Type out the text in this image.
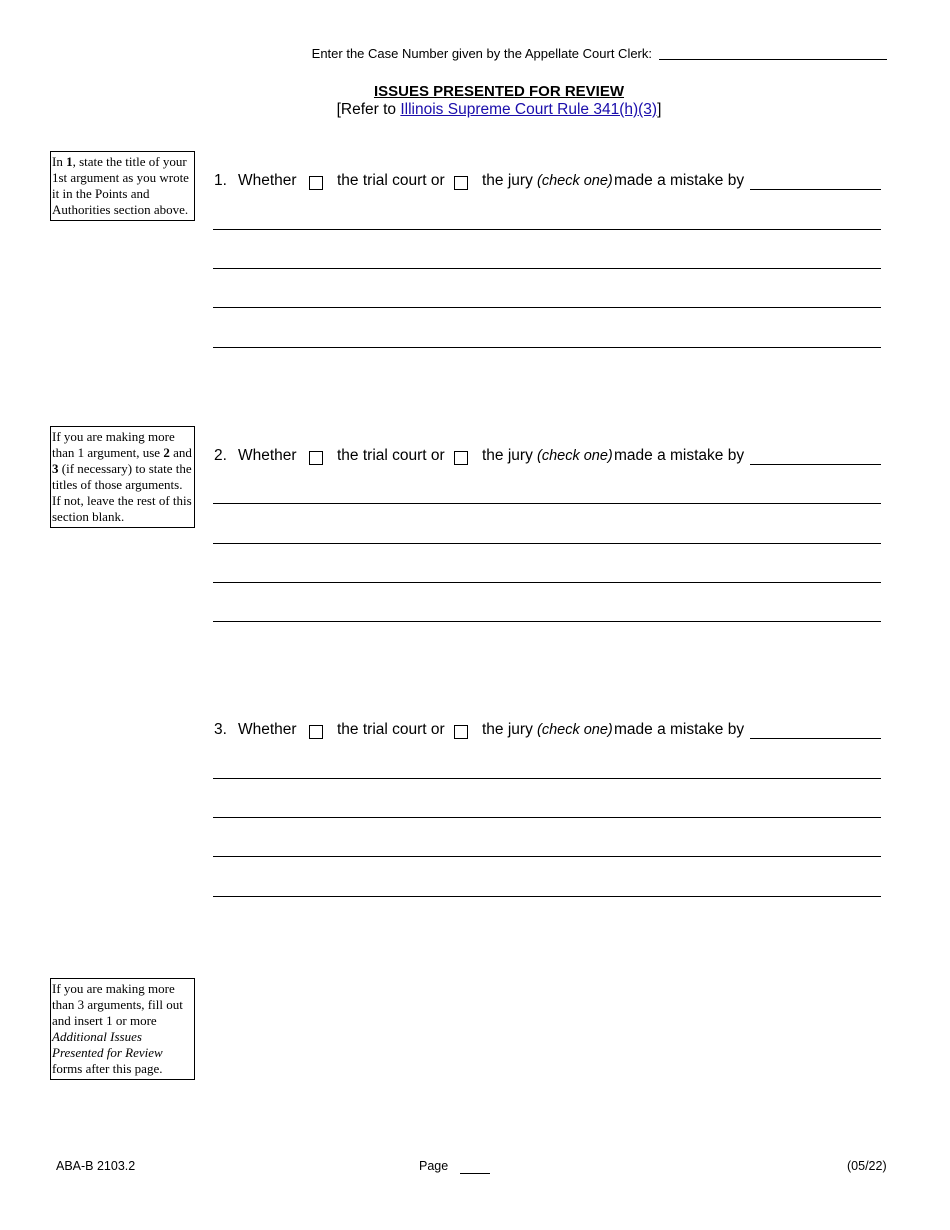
Enter the Case Number given by the Appellate Court Clerk:
ISSUES PRESENTED FOR REVIEW
[Refer to Illinois Supreme Court Rule 341(h)(3)]
In 1, state the title of your 1st argument as you wrote it in the Points and Authorities section above.
If you are making more than 1 argument, use 2 and 3 (if necessary) to state the titles of those arguments. If not, leave the rest of this section blank.
If you are making more than 3 arguments, fill out and insert 1 or more Additional Issues Presented for Review
forms after this page.
1. Whether	the trial court or the jury (check one) made a mistake by
2. Whether	the trial court or the jury (check one) made a mistake by
3. Whether	the trial court or the jury (check one) made a mistake by
ABA-B 2103.2	Page	(05/22)
